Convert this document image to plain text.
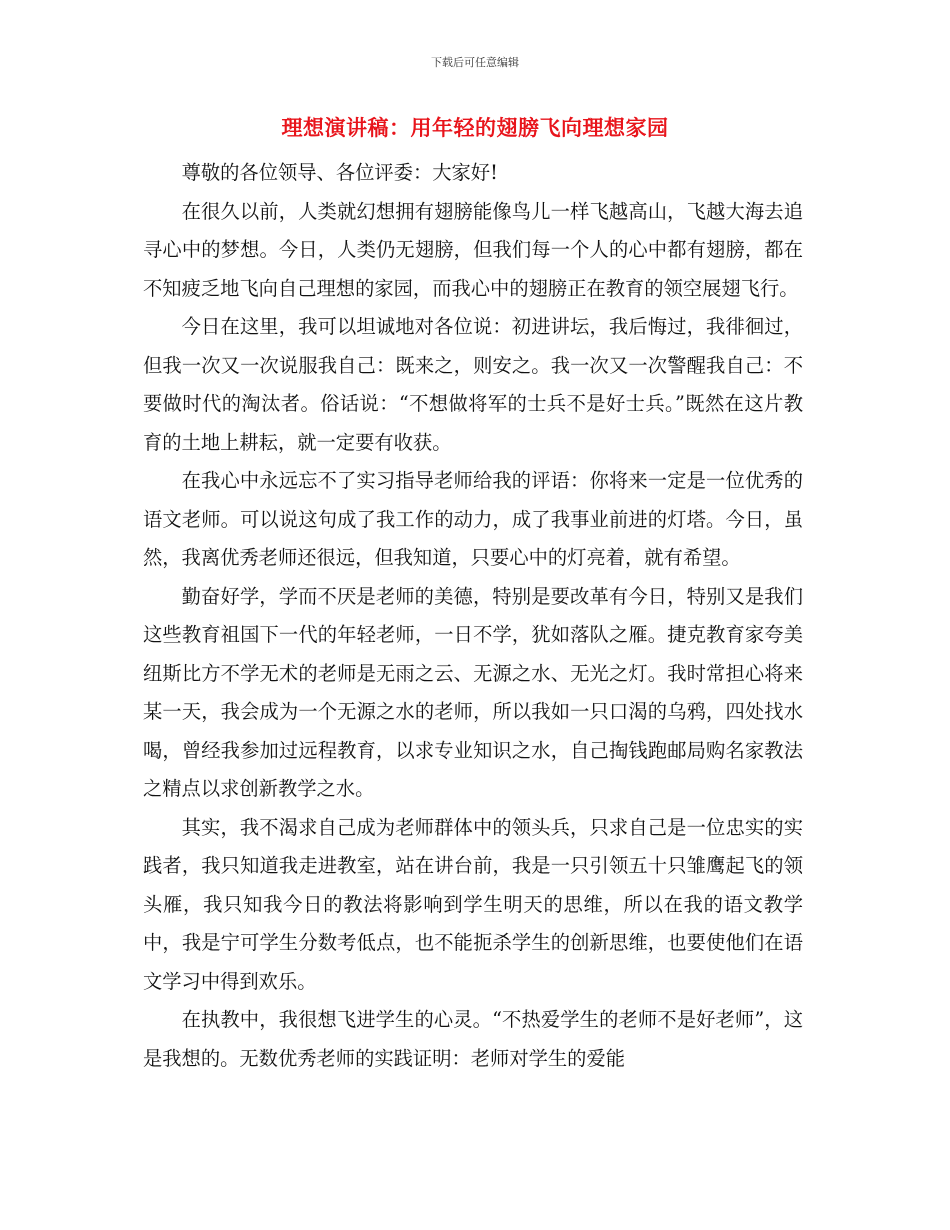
下载后可任意编辑
理想演讲稿：用年轻的翅膀飞向理想家园

尊敬的各位领导、各位评委：大家好!

在很久以前，人类就幻想拥有翅膀能像鸟儿一样飞越高山，飞越大海去追寻心中的梦想。今日，人类仍无翅膀，但我们每一个人的心中都有翅膀，都在不知疲乏地飞向自己理想的家园，而我心中的翅膀正在教育的领空展翅飞行。

今日在这里，我可以坦诚地对各位说：初进讲坛，我后悔过，我徘徊过，但我一次又一次说服我自己：既来之，则安之。我一次又一次警醒我自己：不要做时代的淘汰者。俗话说：“不想做将军的士兵不是好士兵。”既然在这片教育的土地上耕耘，就一定要有收获。

在我心中永远忘不了实习指导老师给我的评语：你将来一定是一位优秀的语文老师。可以说这句成了我工作的动力，成了我事业前进的灯塔。今日，虽然，我离优秀老师还很远，但我知道，只要心中的灯亮着，就有希望。

勤奋好学，学而不厌是老师的美德，特别是要改革有今日，特别又是我们这些教育祖国下一代的年轻老师，一日不学，犹如落队之雁。捷克教育家夸美纽斯比方不学无术的老师是无雨之云、无源之水、无光之灯。我时常担心将来某一天，我会成为一个无源之水的老师，所以我如一只口渴的乌鸦，四处找水喝，曾经我参加过远程教育，以求专业知识之水，自己掏钱跑邮局购名家教法之精点以求创新教学之水。

其实，我不渴求自己成为老师群体中的领头兵，只求自己是一位忠实的实践者，我只知道我走进教室，站在讲台前，我是一只引领五十只雏鹰起飞的领头雁，我只知我今日的教法将影响到学生明天的思维，所以在我的语文教学中，我是宁可学生分数考低点，也不能扼杀学生的创新思维，也要使他们在语文学习中得到欢乐。

在执教中，我很想飞进学生的心灵。“不热爱学生的老师不是好老师”，这是我想的。无数优秀老师的实践证明：老师对学生的爱能
